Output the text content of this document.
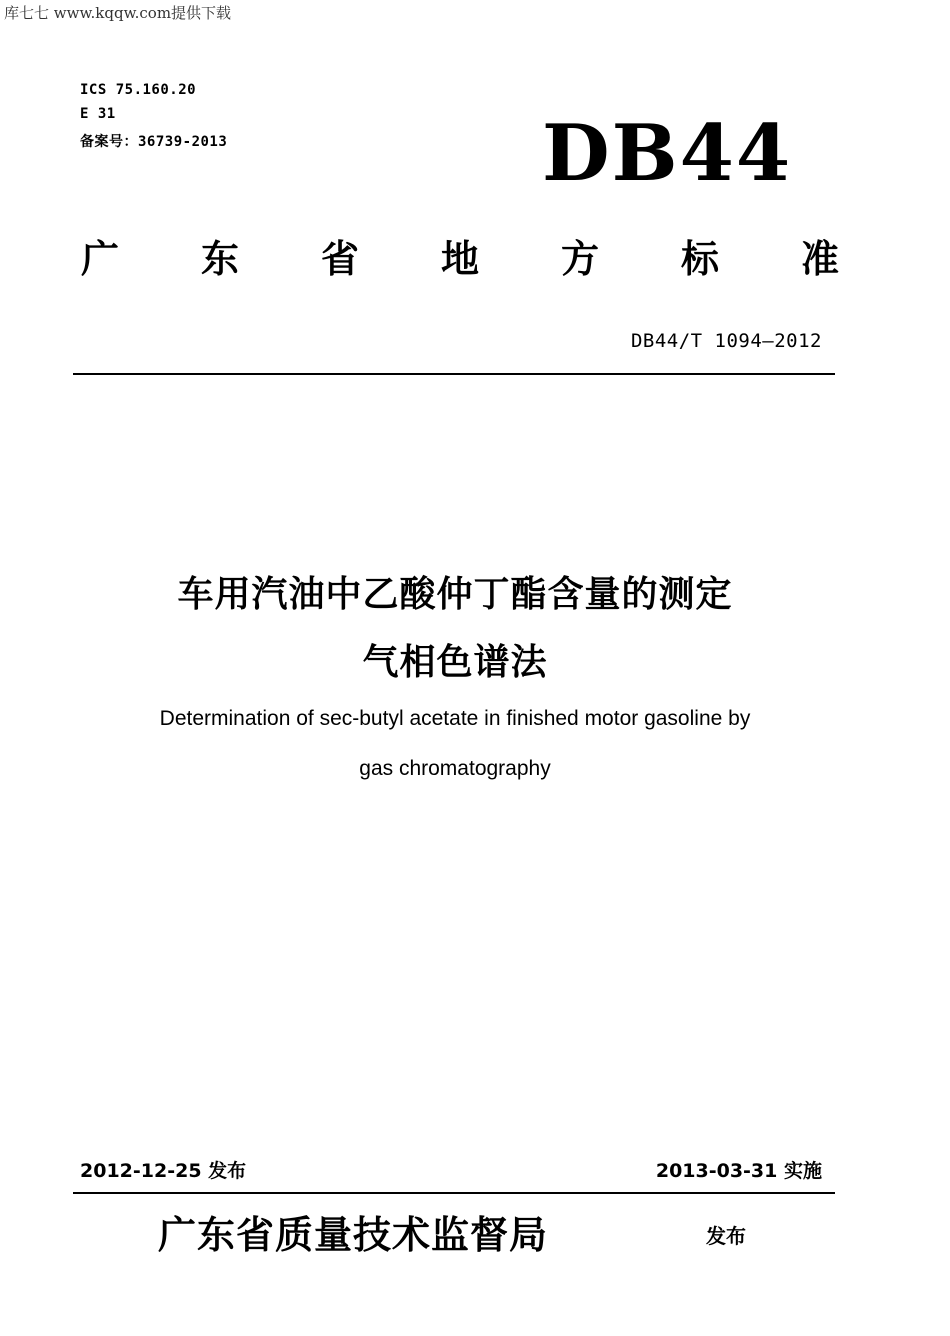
库七七 www.kqqw.com提供下载
ICS 75.160.20
E 31
备案号：36739-2013	DB44
广 东 省 地 方 标 准
DB44/T 1094—2012
车用汽油中乙酸仲丁酯含量的测定
气相色谱法
Determination of sec-butyl acetate in finished motor gasoline by
gas chromatography
2012-12-25 发布	2013-03-31 实施
广东省质量技术监督局	发布
